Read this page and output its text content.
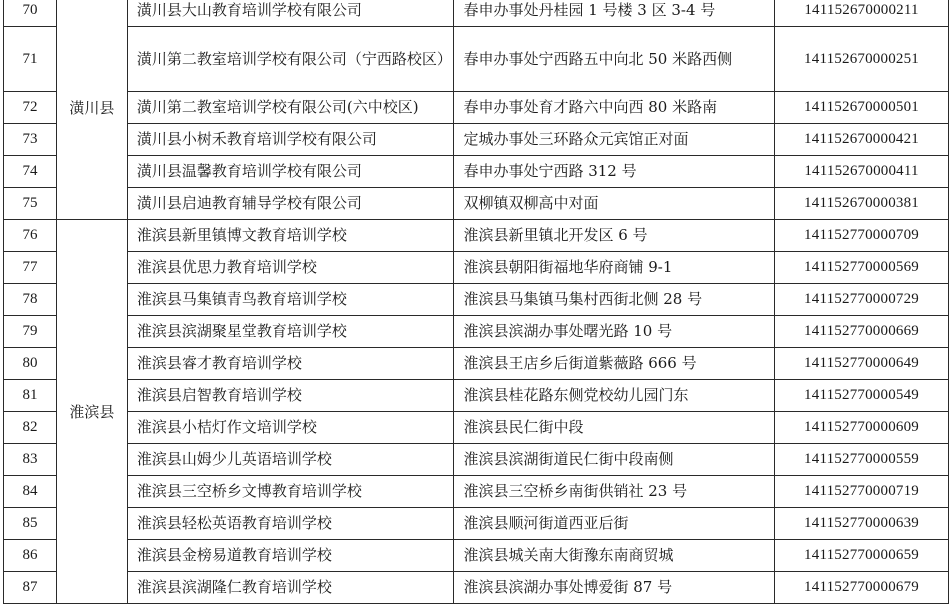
70	潢川县	潢川县大山教育培训学校有限公司	春申办事处丹桂园 1 号楼 3 区 3-4 号	141152670000211
71		潢川第二教室培训学校有限公司（宁西路校区）	春申办事处宁西路五中向北 50 米路西侧	141152670000251
72		潢川第二教室培训学校有限公司(六中校区)	春申办事处育才路六中向西 80 米路南	141152670000501
73		潢川县小树禾教育培训学校有限公司	定城办事处三环路众元宾馆正对面	141152670000421
74		潢川县温馨教育培训学校有限公司	春申办事处宁西路 312 号	141152670000411
75		潢川县启迪教育辅导学校有限公司	双柳镇双柳高中对面	141152670000381
76	淮滨县	淮滨县新里镇博文教育培训学校	淮滨县新里镇北开发区 6 号	141152770000709
77		淮滨县优思力教育培训学校	淮滨县朝阳街福地华府商铺 9-1	141152770000569
78		淮滨县马集镇青鸟教育培训学校	淮滨县马集镇马集村西街北侧 28 号	141152770000729
79		淮滨县滨湖聚星堂教育培训学校	淮滨县滨湖办事处曙光路 10 号	141152770000669
80		淮滨县睿才教育培训学校	淮滨县王店乡后街道紫薇路 666 号	141152770000649
81		淮滨县启智教育培训学校	淮滨县桂花路东侧党校幼儿园门东	141152770000549
82		淮滨县小桔灯作文培训学校	淮滨县民仁街中段	141152770000609
83		淮滨县山姆少儿英语培训学校	淮滨县滨湖街道民仁街中段南侧	141152770000559
84		淮滨县三空桥乡文博教育培训学校	淮滨县三空桥乡南街供销社 23 号	141152770000719
85		淮滨县轻松英语教育培训学校	淮滨县顺河街道西亚后街	141152770000639
86		淮滨县金榜易道教育培训学校	淮滨县城关南大街豫东南商贸城	141152770000659
87		淮滨县滨湖隆仁教育培训学校	淮滨县滨湖办事处博爱街 87 号	141152770000679
